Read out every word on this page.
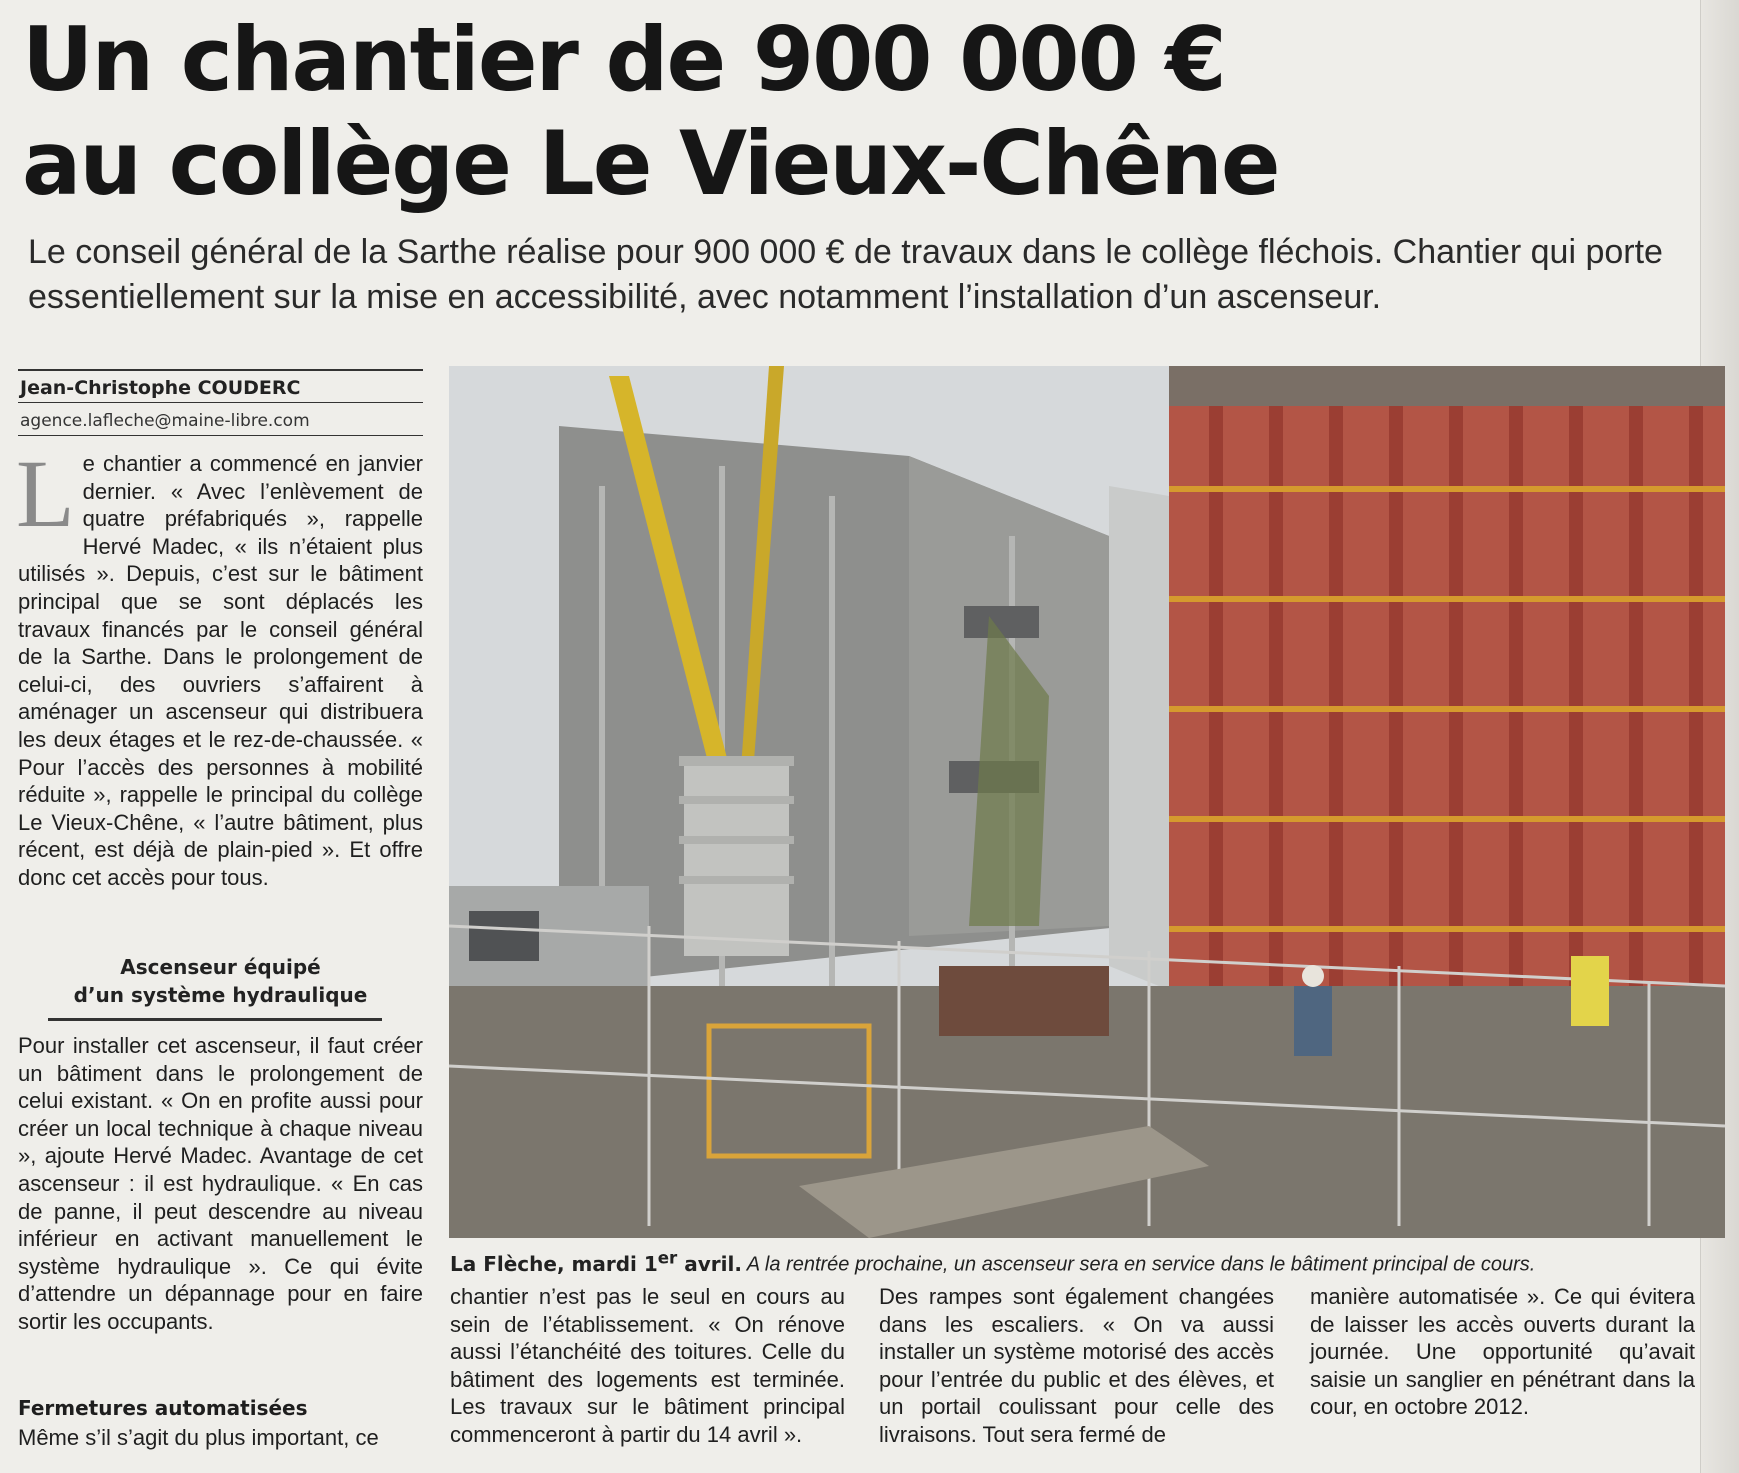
Un chantier de 900 000 €
au collège Le Vieux-Chêne
Le conseil général de la Sarthe réalise pour 900 000 € de travaux dans le collège fléchois. Chantier qui porte essentiellement sur la mise en accessibilité, avec notamment l’installation d’un ascenseur.
Jean-Christophe COUDERC
agence.lafleche@maine-libre.com

Le chantier a commencé en janvier dernier. « Avec l’enlèvement de quatre préfabriqués », rappelle Hervé Madec, « ils n’étaient plus utilisés ». Depuis, c’est sur le bâtiment principal que se sont déplacés les travaux financés par le conseil général de la Sarthe. Dans le prolongement de celui-ci, des ouvriers s’affairent à aménager un ascenseur qui distribuera les deux étages et le rez-de-chaussée. « Pour l’accès des personnes à mobilité réduite », rappelle le principal du collège Le Vieux-Chêne, « l’autre bâtiment, plus récent, est déjà de plain-pied ». Et offre donc cet accès pour tous.

Ascenseur équipé
d’un système hydraulique

Pour installer cet ascenseur, il faut créer un bâtiment dans le prolongement de celui existant. « On en profite aussi pour créer un local technique à chaque niveau », ajoute Hervé Madec. Avantage de cet ascenseur : il est hydraulique. « En cas de panne, il peut descendre au niveau inférieur en activant manuellement le système hydraulique ». Ce qui évite d’attendre un dépannage pour en faire sortir les occupants.

Fermetures automatisées

Même s’il s’agit du plus important, ce

La Flèche, mardi 1er avril. A la rentrée prochaine, un ascenseur sera en service dans le bâtiment principal de cours.

chantier n’est pas le seul en cours au sein de l’établissement. « On rénove aussi l’étanchéité des toitures. Celle du bâtiment des logements est terminée. Les travaux sur le bâtiment principal commenceront à partir du 14 avril ».

Des rampes sont également changées dans les escaliers. « On va aussi installer un système motorisé des accès pour l’entrée du public et des élèves, et un portail coulissant pour celle des livraisons. Tout sera fermé de

manière automatisée ». Ce qui évitera de laisser les accès ouverts durant la journée. Une opportunité qu’avait saisie un sanglier en pénétrant dans la cour, en octobre 2012.
